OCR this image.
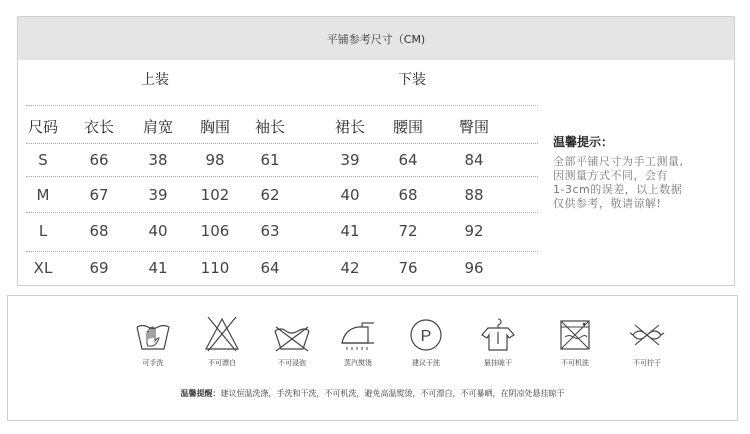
平铺参考尺寸（CM)
上装	下装
尺码	衣长	肩宽	胸围	袖长	裙长	腰围	臀围
S	66	38	98	61	39	64	84
M	67	39	102	62	40	68	88
L	68	40	106	63	41	72	92
XL	69	41	110	64	42	76	96
温馨提示：
全部平铺尺寸为手工测量,
因测量方式不同，会有
1-3cm的误差，以上数据
仅供参考，敬请谅解!
可手洗	不可漂白	不可浸泡	蒸汽熨烫
P
建议干洗	悬挂晾干	不可机洗	不可拧干
温馨提醒：建议恒温洗涤，手洗和干洗，不可机洗，避免高温熨烫，不可漂白，不可暴晒，在阴凉处悬挂晾干
